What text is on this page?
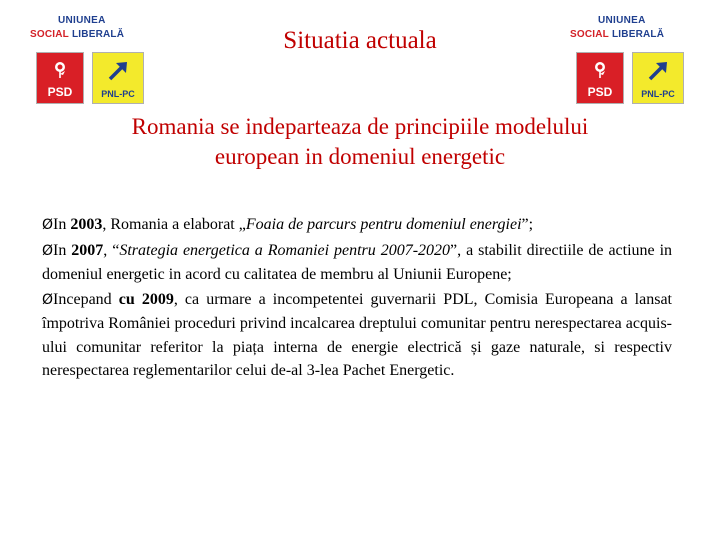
UNIUNEA
SOCIAL LIBERALĂ
PSD	PNL-PC
UNIUNEA
SOCIAL LIBERALĂ
PSD	PNL-PC
Situatia actuala
Romania se indeparteaza de principiile modelului
european in domeniul energetic

ØIn 2003, Romania a elaborat „Foaia de parcurs pentru domeniul energiei”;

ØIn 2007, “Strategia energetica a Romaniei pentru 2007-2020”, a stabilit directiile de actiune in domeniul energetic in acord cu calitatea de membru al Uniunii Europene;

ØIncepand cu 2009, ca urmare a incompetentei guvernarii PDL, Comisia Europeana a lansat împotriva României proceduri privind incalcarea dreptului comunitar pentru nerespectarea acquis-ului comunitar referitor la piața interna de energie electrică și gaze naturale, si respectiv nerespectarea reglementarilor celui de-al 3-lea Pachet Energetic.
